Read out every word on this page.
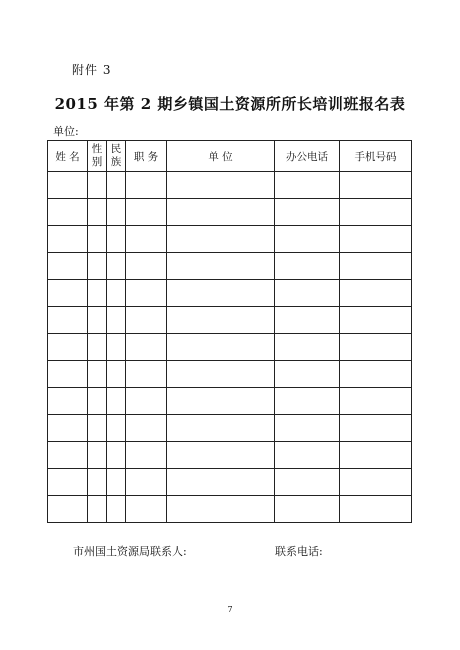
附件 3
2015 年第 2 期乡镇国土资源所所长培训班报名表
单位:
姓 名	性别	民族	职 务	单 位	办公电话	手机号码

市州国土资源局联系人:	联系电话:
7
